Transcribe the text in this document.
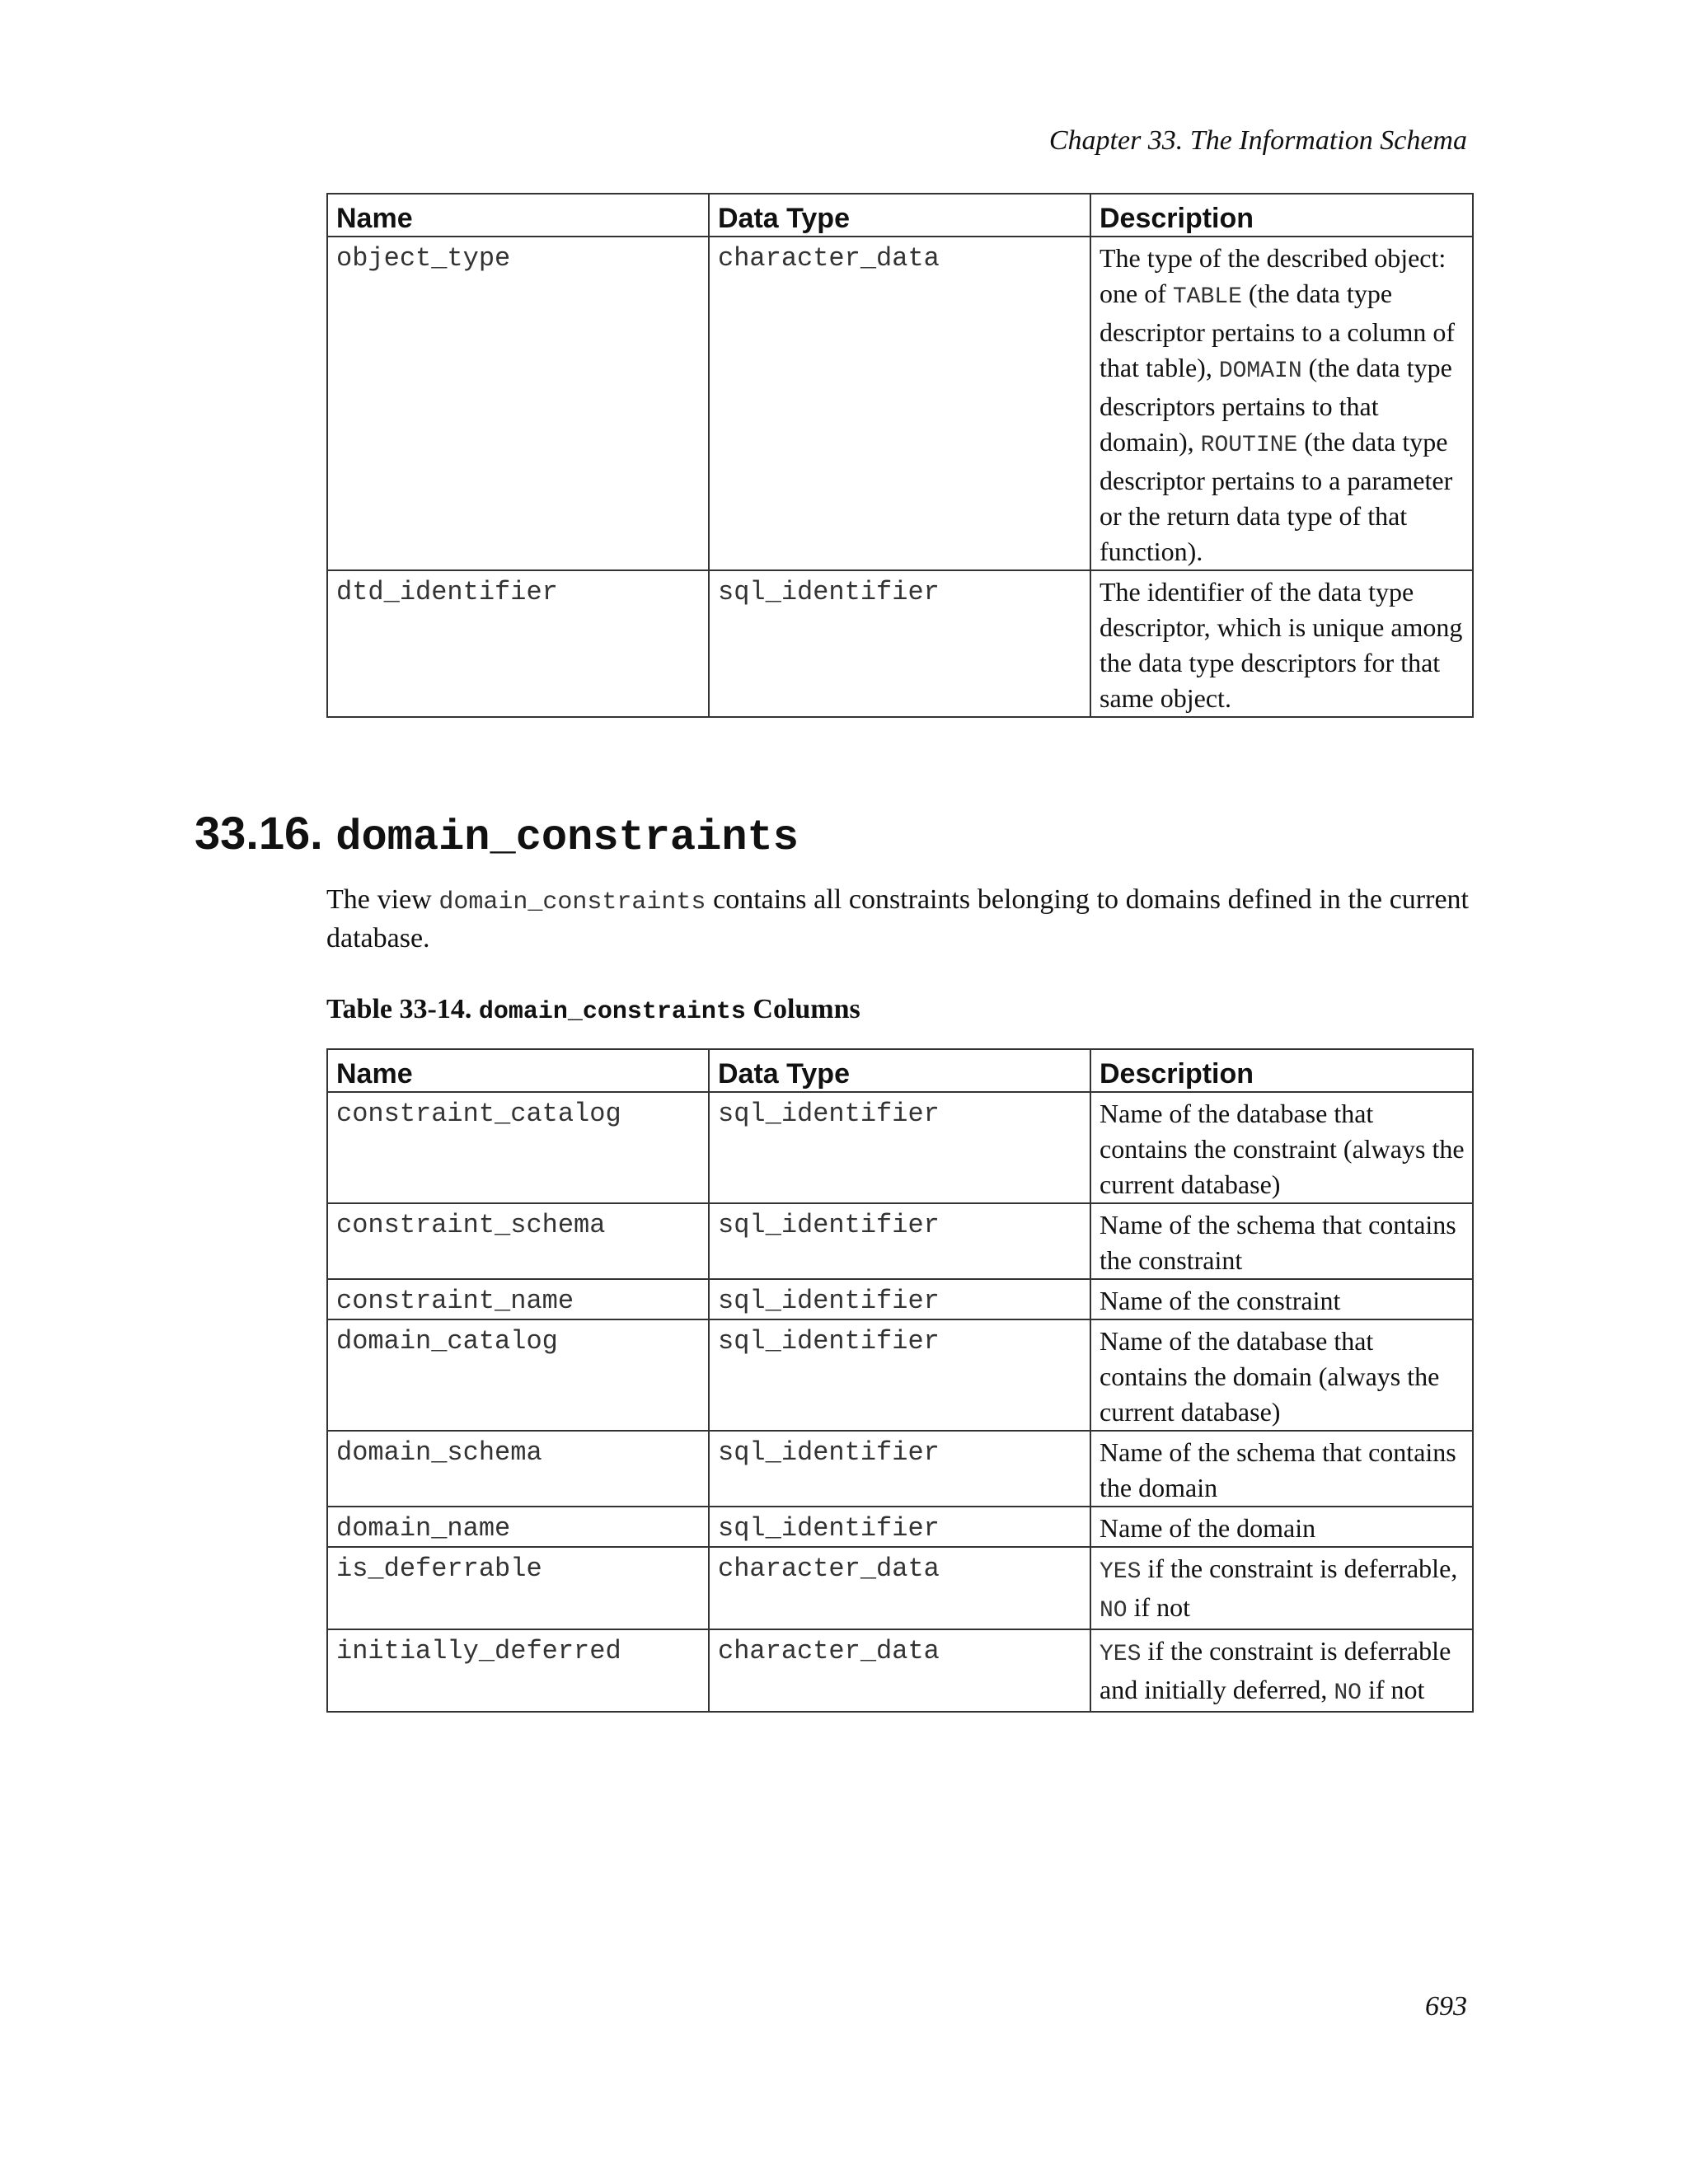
Chapter 33. The Information Schema
Name	Data Type	Description
object_type	character_data	The type of the described object: one of TABLE (the data type descriptor pertains to a column of that table), DOMAIN (the data type descriptors pertains to that domain), ROUTINE (the data type descriptor pertains to a parameter or the return data type of that function).
dtd_identifier	sql_identifier	The identifier of the data type descriptor, which is unique among the data type descriptors for that same object.
33.16. domain_constraints

The view domain_constraints contains all constraints belonging to domains defined in the current database.

Table 33-14. domain_constraints Columns

Name	Data Type	Description
constraint_catalog	sql_identifier	Name of the database that contains the constraint (always the current database)
constraint_schema	sql_identifier	Name of the schema that contains the constraint
constraint_name	sql_identifier	Name of the constraint
domain_catalog	sql_identifier	Name of the database that contains the domain (always the current database)
domain_schema	sql_identifier	Name of the schema that contains the domain
domain_name	sql_identifier	Name of the domain
is_deferrable	character_data	YES if the constraint is deferrable, NO if not
initially_deferred	character_data	YES if the constraint is deferrable and initially deferred, NO if not
693
